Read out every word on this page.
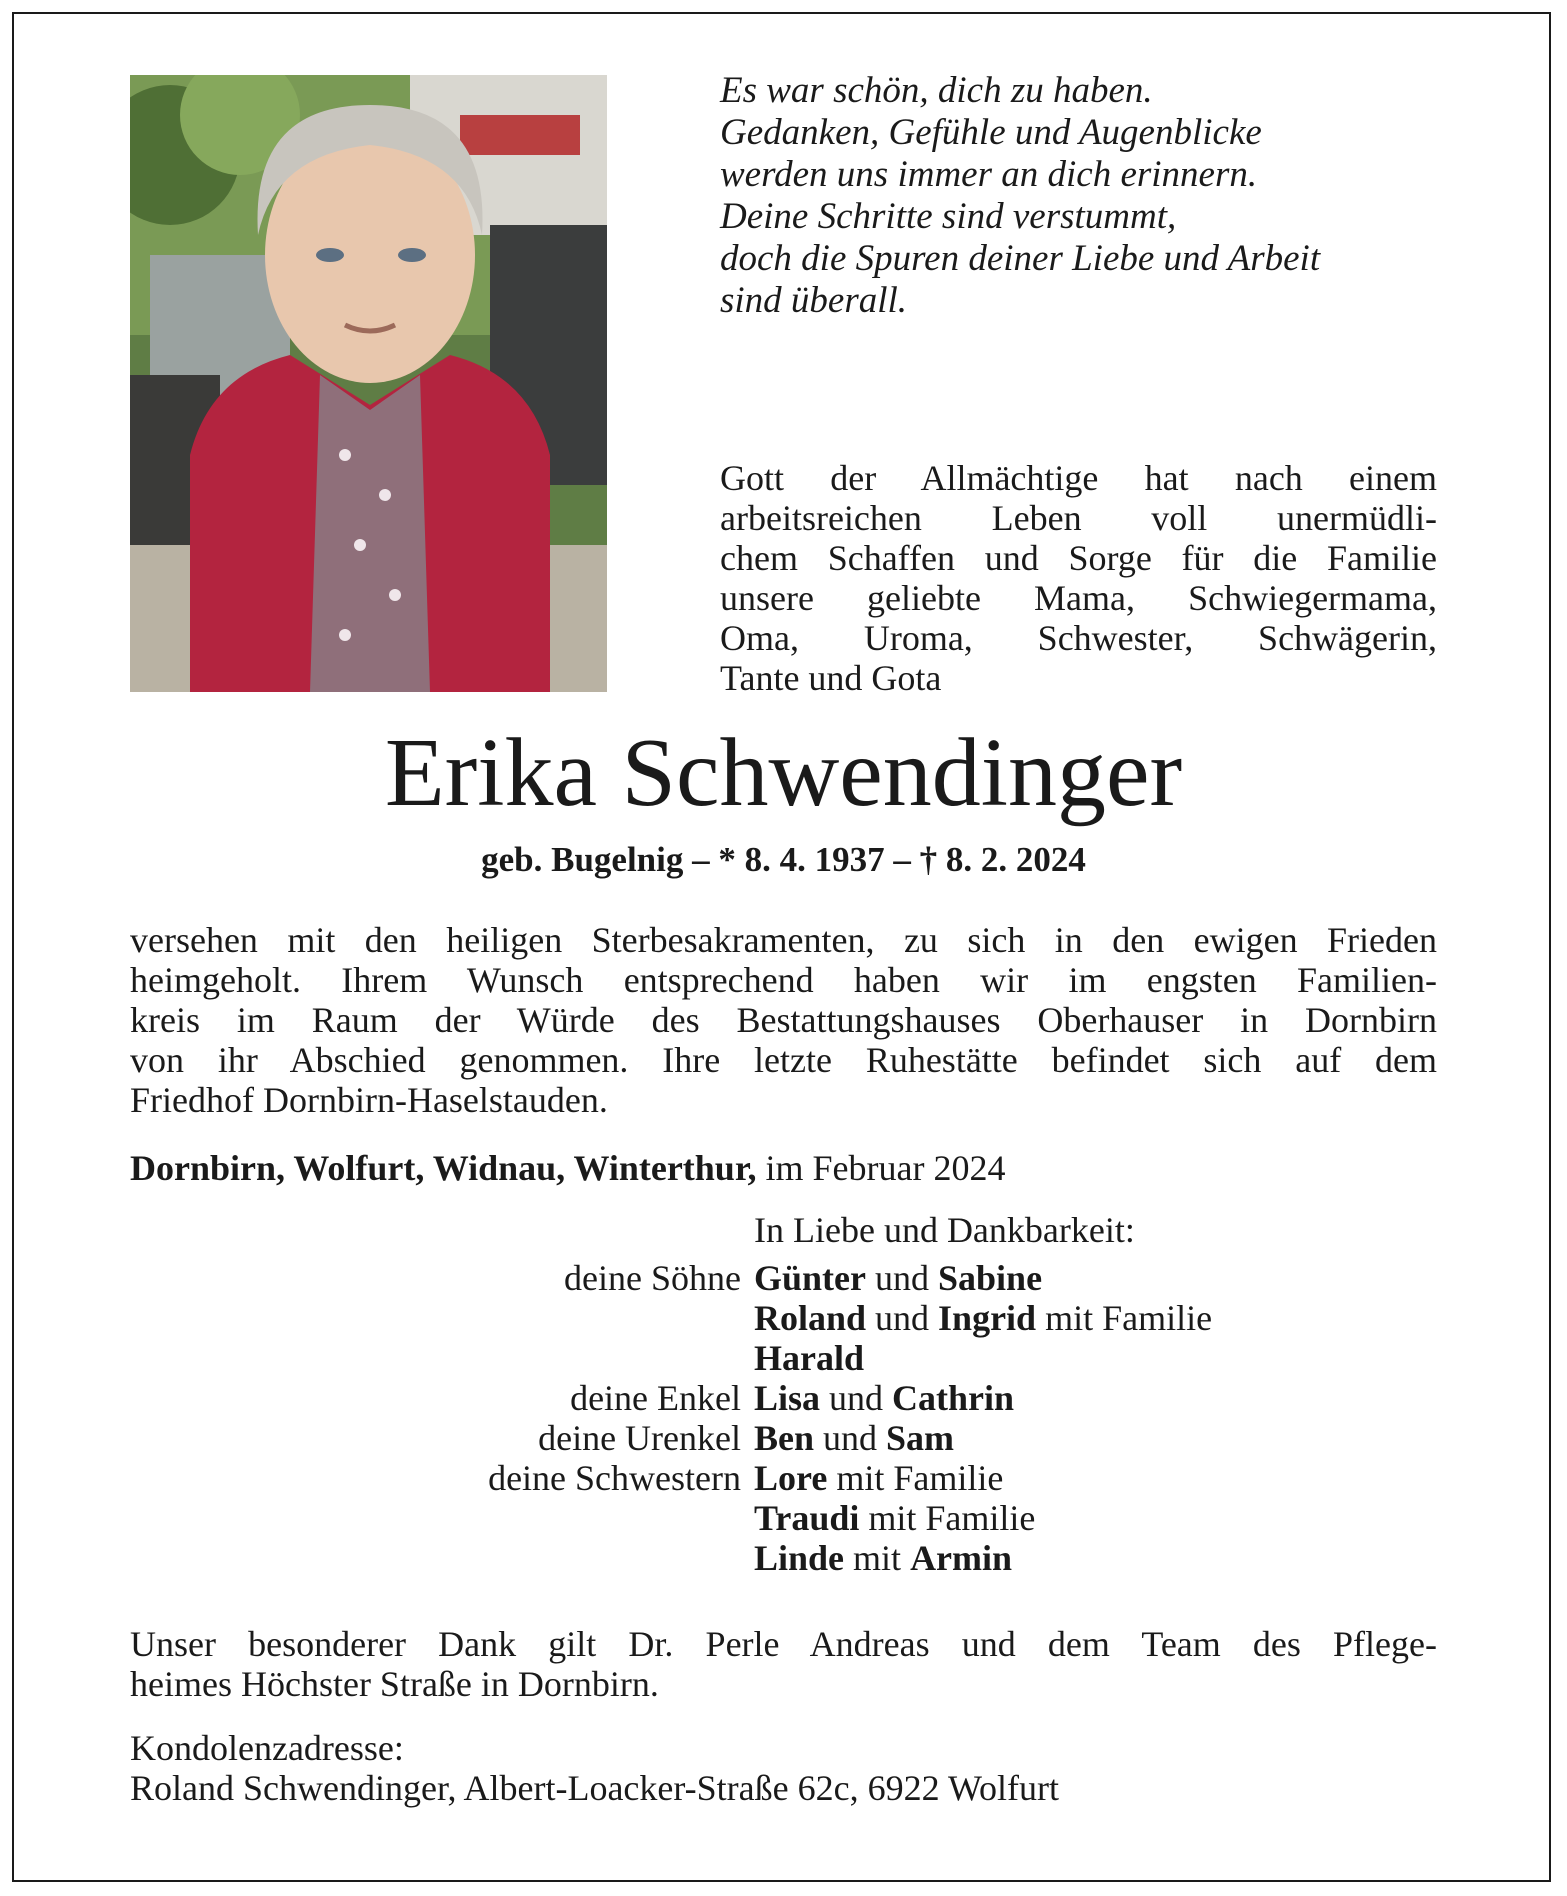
Es war schön, dich zu haben.
Gedanken, Gefühle und Augenblicke
werden uns immer an dich erinnern.
Deine Schritte sind verstummt,
doch die Spuren deiner Liebe und Arbeit
sind überall.
Gott der Allmächtige hat nach einem
arbeitsreichen Leben voll unermüdli-
chem Schaffen und Sorge für die Familie
unsere geliebte Mama, Schwiegermama,
Oma, Uroma, Schwester, Schwägerin,
Tante und Gota
Erika Schwendinger
geb. Bugelnig – * 8. 4. 1937 – † 8. 2. 2024
versehen mit den heiligen Sterbesakramenten, zu sich in den ewigen Frieden
heimgeholt. Ihrem Wunsch entsprechend haben wir im engsten Familien-
kreis im Raum der Würde des Bestattungshauses Oberhauser in Dornbirn
von ihr Abschied genommen. Ihre letzte Ruhestätte befindet sich auf dem
Friedhof Dornbirn-Haselstauden.
Dornbirn, Wolfurt, Widnau, Winterthur, im Februar 2024
In Liebe und Dankbarkeit:
deine Söhne Günter und Sabine
Roland und Ingrid mit Familie
Harald
deine Enkel Lisa und Cathrin
deine Urenkel Ben und Sam
deine Schwestern Lore mit Familie
Traudi mit Familie
Linde mit Armin
Unser besonderer Dank gilt Dr. Perle Andreas und dem Team des Pflege-
heimes Höchster Straße in Dornbirn.
Kondolenzadresse:
Roland Schwendinger, Albert-Loacker-Straße 62c, 6922 Wolfurt
